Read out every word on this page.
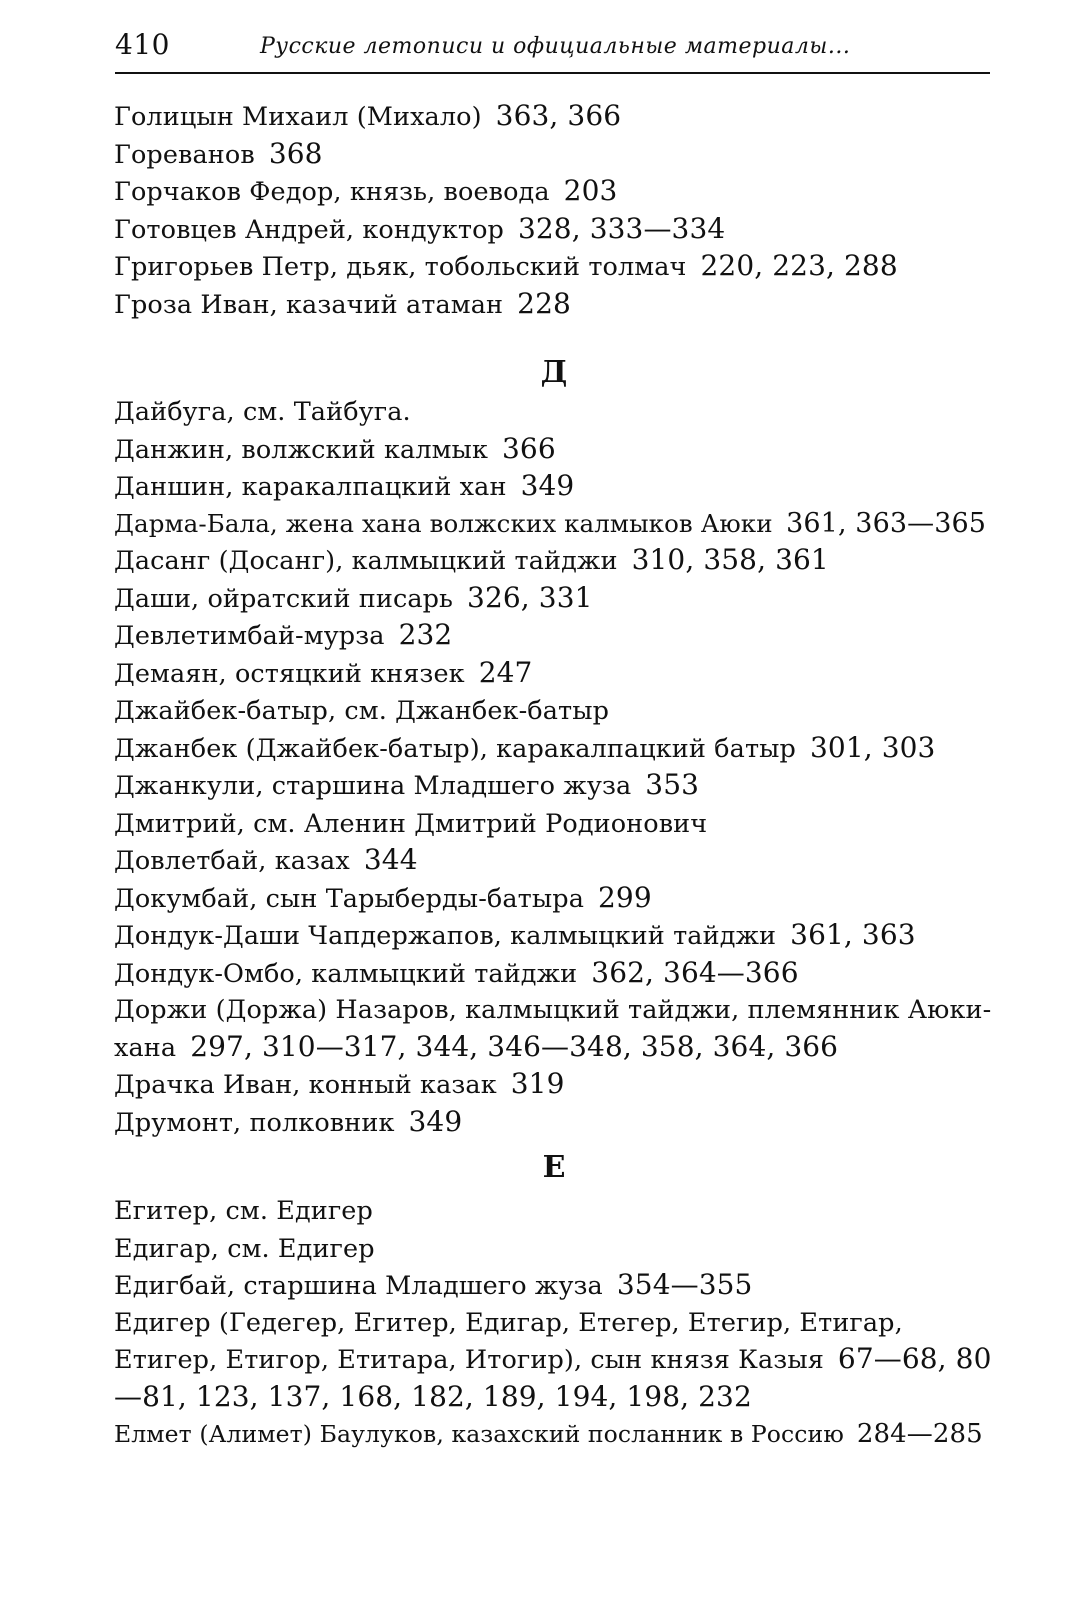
410	Русские летописи и официальные материалы...
Голицын Михаил (Михало) 363, 366
Гореванов 368
Горчаков Федор, князь, воевода 203
Готовцев Андрей, кондуктор 328, 333—334
Григорьев Петр, дьяк, тобольский толмач 220, 223, 288
Гроза Иван, казачий атаман 228
Д
Дайбуга, см. Тайбуга.
Данжин, волжский калмык 366
Даншин, каракалпацкий хан 349
Дарма-Бала, жена хана волжских калмыков Аюки 361, 363—365
Дасанг (Досанг), калмыцкий тайджи 310, 358, 361
Даши, ойратский писарь 326, 331
Девлетимбай-мурза 232
Демаян, остяцкий князек 247
Джайбек-батыр, см. Джанбек-батыр
Джанбек (Джайбек-батыр), каракалпацкий батыр 301, 303
Джанкули, старшина Младшего жуза 353
Дмитрий, см. Аленин Дмитрий Родионович
Довлетбай, казах 344
Докумбай, сын Тарыберды-батыра 299
Дондук-Даши Чапдержапов, калмыцкий тайджи 361, 363
Дондук-Омбо, калмыцкий тайджи 362, 364—366
Доржи (Доржа) Назаров, калмыцкий тайджи, племянник Аюки-хана 297, 310—317, 344, 346—348, 358, 364, 366
Драчка Иван, конный казак 319
Друмонт, полковник 349
Е
Егитер, см. Едигер
Едигар, см. Едигер
Едигбай, старшина Младшего жуза 354—355
Едигер (Гедегер, Егитер, Едигар, Етегер, Етегир, Етигар, Етигер, Етигор, Етитара, Итогир), сын князя Казыя 67—68, 80—81, 123, 137, 168, 182, 189, 194, 198, 232
Елмет (Алимет) Баулуков, казахский посланник в Россию 284—285
